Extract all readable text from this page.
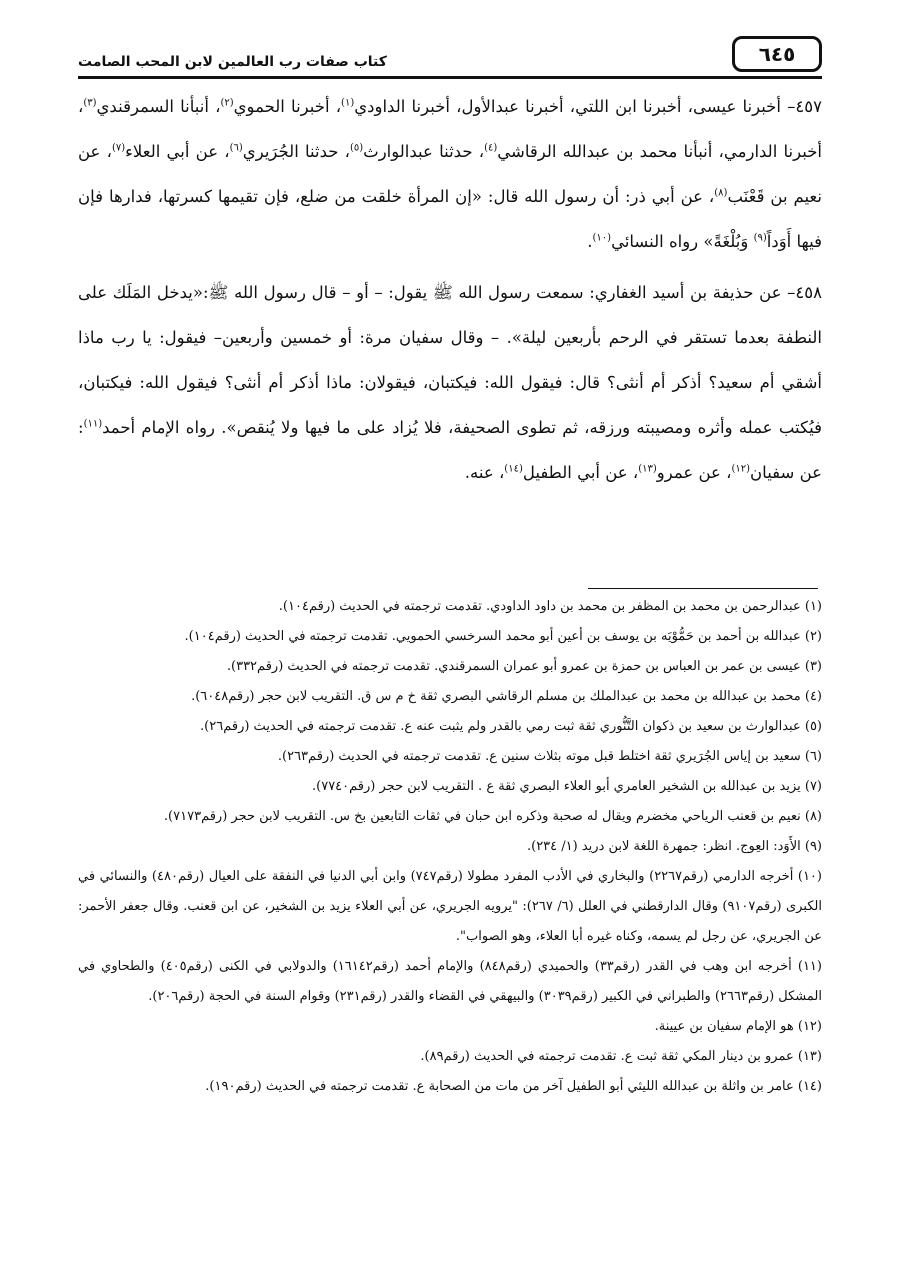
٦٤٥
كتاب صفات رب العالمين لابن المحب الصامت

٤٥٧– أخبرنا عيسى، أخبرنا ابن اللتي، أخبرنا عبدالأول، أخبرنا الداودي$^{(١)}$، أخبرنا الحموي$^{(٢)}$، أنبأنا السمرقندي$^{(٣)}$، أخبرنا الدارمي، أنبأنا محمد بن عبدالله الرقاشي$^{(٤)}$، حدثنا عبدالوارث$^{(٥)}$، حدثنا الجُرَيري$^{(٦)}$، عن أبي العلاء$^{(٧)}$، عن نعيم بن قَعْنَب$^{(٨)}$، عن أبي ذر: أن رسول الله قال: «إن المرأة خلقت من ضلع، فإن تقيمها كسرتها، فدارها فإن فيها أَوَداً$^{(٩)}$ وَبُلْغَةً» رواه النسائي$^{(١٠)}$.

٤٥٨– عن حذيفة بن أسيد الغفاري: سمعت رسول الله ﷺ يقول: – أو – قال رسول الله ﷺ:«يدخل المَلَك على النطفة بعدما تستقر في الرحم بأربعين ليلة». – وقال سفيان مرة: أو خمسين وأربعين– فيقول: يا رب ماذا أشقي أم سعيد؟ أذكر أم أنثى؟ قال: فيقول الله: فيكتبان، فيقولان: ماذا أذكر أم أنثى؟ فيقول الله: فيكتبان، فيُكتب عمله وأثره ومصيبته ورزقه، ثم تطوى الصحيفة، فلا يُزاد على ما فيها ولا يُنقص». رواه الإمام أحمد$^{(١١)}$: عن سفيان$^{(١٢)}$، عن عمرو$^{(١٣)}$، عن أبي الطفيل$^{(١٤)}$، عنه.

(١) عبدالرحمن بن محمد بن المظفر بن محمد بن داود الداودي. تقدمت ترجمته في الحديث (رقم١٠٤).

(٢) عبدالله بن أحمد بن حَمُّوْيَه بن يوسف بن أعين أبو محمد السرخسي الحمويي. تقدمت ترجمته في الحديث (رقم١٠٤).

(٣) عيسى بن عمر بن العباس بن حمزة بن عمرو أبو عمران السمرقندي. تقدمت ترجمته في الحديث (رقم٣٣٢).

(٤) محمد بن عبدالله بن محمد بن عبدالملك بن مسلم الرقاشي البصري ثقة خ م س ق. التقريب لابن حجر (رقم٦٠٤٨).

(٥) عبدالوارث بن سعيد بن ذكوان التَّنُّوري ثقة ثبت رمي بالقدر ولم يثبت عنه ع. تقدمت ترجمته في الحديث (رقم٢٦).

(٦) سعيد بن إياس الجُرَيري ثقة اختلط قبل موته بثلاث سنين ع. تقدمت ترجمته في الحديث (رقم٢٦٣).

(٧) يزيد بن عبدالله بن الشخير العامري أبو العلاء البصري ثقة ع . التقريب لابن حجر (رقم٧٧٤٠).

(٨) نعيم بن قعنب الرياحي مخضرم ويقال له صحبة وذكره ابن حبان في ثقات التابعين بخ س. التقريب لابن حجر (رقم٧١٧٣).

(٩) الأَوَد: العِوج. انظر: جمهرة اللغة لابن دريد (١/ ٢٣٤).

(١٠) أخرجه الدارمي (رقم٢٢٦٧) والبخاري في الأدب المفرد مطولا (رقم٧٤٧) وابن أبي الدنيا في النفقة على العيال (رقم٤٨٠) والنسائي في الكبرى (رقم٩١٠٧) وقال الدارقطني في العلل (٦/ ٢٦٧): "يرويه الجريري، عن أبي العلاء يزيد بن الشخير، عن ابن قعنب. وقال جعفر الأحمر: عن الجريري، عن رجل لم يسمه، وكناه غيره أبا العلاء، وهو الصواب".

(١١) أخرجه ابن وهب في القدر (رقم٣٣) والحميدي (رقم٨٤٨) والإمام أحمد (رقم١٦١٤٢) والدولابي في الكنى (رقم٤٠٥) والطحاوي في المشكل (رقم٢٦٦٣) والطبراني في الكبير (رقم٣٠٣٩) والبيهقي في القضاء والقدر (رقم٢٣١) وقوام السنة في الحجة (رقم٢٠٦).

(١٢) هو الإمام سفيان بن عيينة.

(١٣) عمرو بن دينار المكي ثقة ثبت ع. تقدمت ترجمته في الحديث (رقم٨٩).

(١٤) عامر بن واثلة بن عبدالله الليثي أبو الطفيل آخر من مات من الصحابة ع. تقدمت ترجمته في الحديث (رقم١٩٠).
